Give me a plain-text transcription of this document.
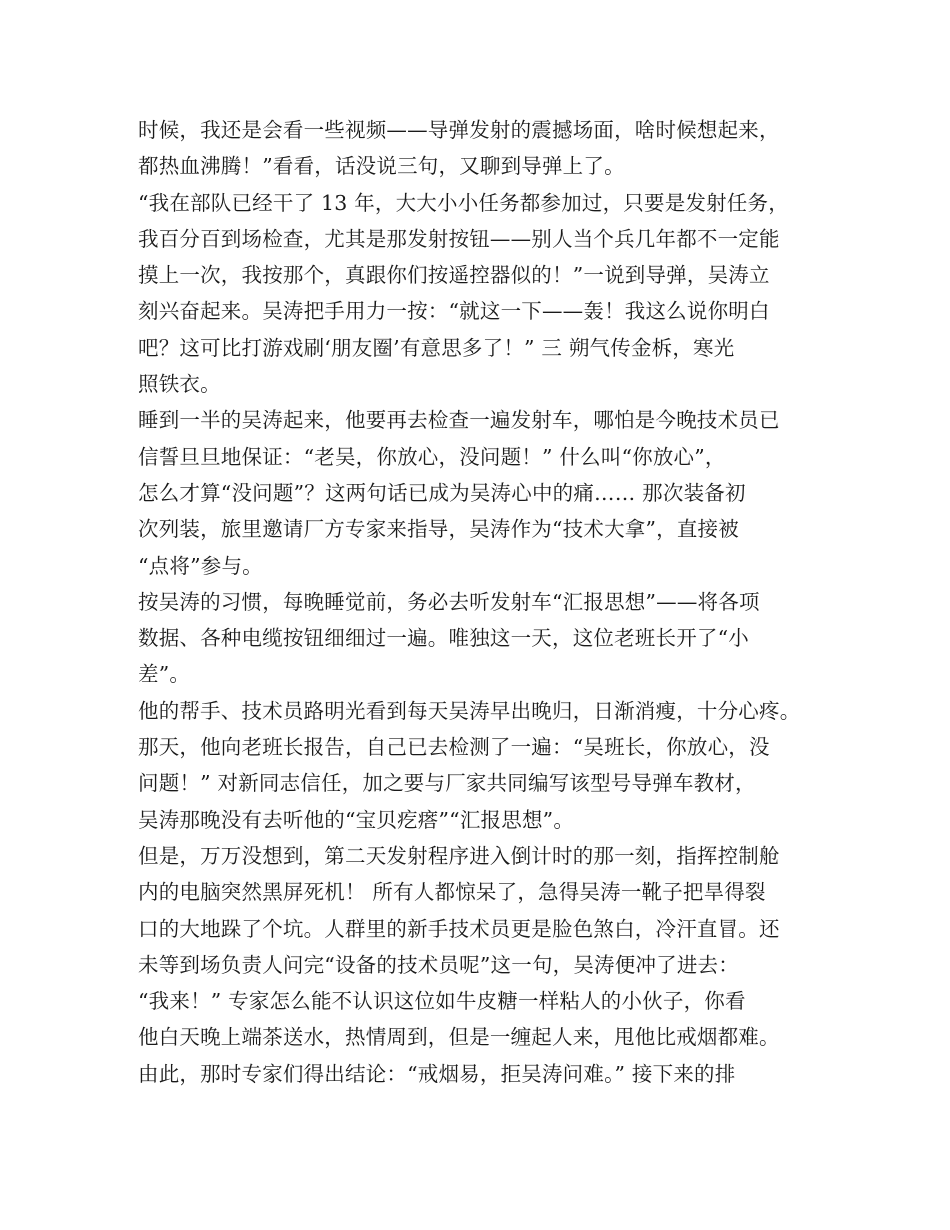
时候，我还是会看一些视频——导弹发射的震撼场面，啥时候想起来，
都热血沸腾！”看看，话没说三句，又聊到导弹上了。
“我在部队已经干了 13 年，大大小小任务都参加过，只要是发射任务，
我百分百到场检查，尤其是那发射按钮——别人当个兵几年都不一定能
摸上一次，我按那个，真跟你们按遥控器似的！”一说到导弹，吴涛立
刻兴奋起来。吴涛把手用力一按：“就这一下——轰！我这么说你明白
吧？这可比打游戏刷‘朋友圈’有意思多了！” 三 朔气传金柝，寒光
照铁衣。
睡到一半的吴涛起来，他要再去检查一遍发射车，哪怕是今晚技术员已
信誓旦旦地保证：“老吴，你放心，没问题！” 什么叫“你放心”，
怎么才算“没问题”？这两句话已成为吴涛心中的痛…… 那次装备初
次列装，旅里邀请厂方专家来指导，吴涛作为“技术大拿”，直接被
“点将”参与。
按吴涛的习惯，每晚睡觉前，务必去听发射车“汇报思想”——将各项
数据、各种电缆按钮细细过一遍。唯独这一天，这位老班长开了“小
差”。
他的帮手、技术员路明光看到每天吴涛早出晚归，日渐消瘦，十分心疼。
那天，他向老班长报告，自己已去检测了一遍：“吴班长，你放心，没
问题！” 对新同志信任，加之要与厂家共同编写该型号导弹车教材，
吴涛那晚没有去听他的“宝贝疙瘩”“汇报思想”。
但是，万万没想到，第二天发射程序进入倒计时的那一刻，指挥控制舱
内的电脑突然黑屏死机！ 所有人都惊呆了，急得吴涛一靴子把旱得裂
口的大地跺了个坑。人群里的新手技术员更是脸色煞白，冷汗直冒。还
未等到场负责人问完“设备的技术员呢”这一句，吴涛便冲了进去：
“我来！” 专家怎么能不认识这位如牛皮糖一样粘人的小伙子，你看
他白天晚上端茶送水，热情周到，但是一缠起人来，甩他比戒烟都难。
由此，那时专家们得出结论：“戒烟易，拒吴涛问难。” 接下来的排
